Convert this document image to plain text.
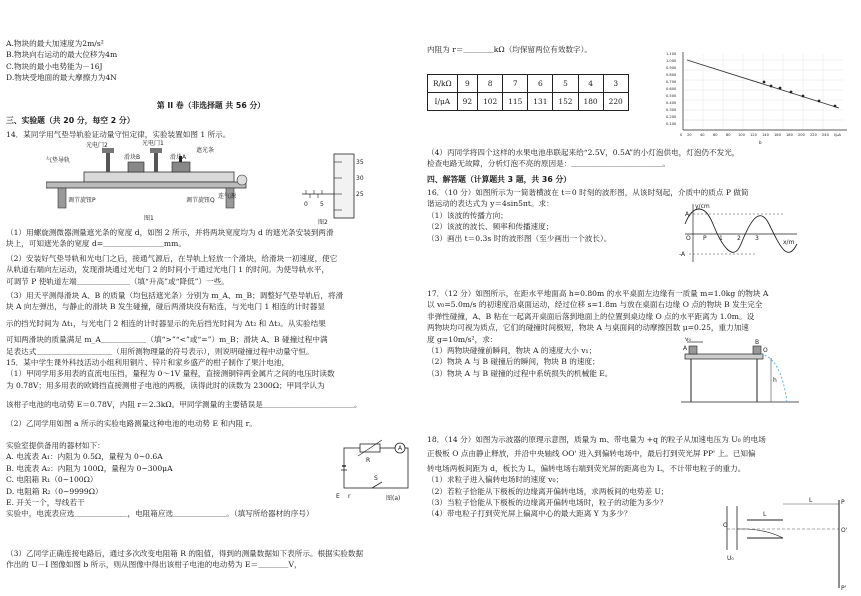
A.物块的最大加速度为2m/s²

B.物块向右运动的最大位移为4m

C.物块的最小电势能为－16J

D.物块受地面的最大摩擦力为4N

第 II 卷（非选择题 共 56 分）

三、实验题（共 20 分，每空 2 分）

14．某同学用气垫导轨验证动量守恒定律，实验装置如图 1 所示。

光电门2	光电门1
滑块B	滑块A
遮光条
气垫导轨
连气源
调节旋钮P	调节旋钮Q
图1
35
30
25
0 5
图2

（1）用螺旋测微器测量遮光条的宽度 d，如图 2 所示，并将两块宽度均为 d 的遮光条安装到两滑

块上，可知遮光条的宽度 d=＿＿＿＿＿＿＿＿mm。

（2）安装好气垫导轨和光电门之后，接通气源后，在导轨上轻放一个滑块，给滑块一初速度，使它

从轨道右端向左运动，发现滑块通过光电门 2 的时间小于通过光电门 1 的时间。为使导轨水平，

可调节 P 使轨道左端＿＿＿＿＿＿＿（填“升高”或“降低”）一些。

（3）用天平测得滑块 A、B 的质量（均包括遮光条）分别为 m_A、m_B；调整好气垫导轨后，将滑

块 A 向左弹出，与静止的滑块 B 发生碰撞，碰后两滑块没有粘连，与光电门 1 相连的计时器显

示的挡光时间为 Δt₁，与光电门 2 相连的计时器显示的先后挡光时间为 Δt₂ 和 Δt₃。从实验结果

可知两滑块的质量满足 m_A＿＿＿＿＿＿（填“>”“<”或“=”）m_B；滑块 A、B 碰撞过程中满

足表达式＿＿＿＿＿＿＿＿＿＿（用所测物理量的符号表示），则说明碰撞过程中动量守恒。

15．某中学生课外科技活动小组利用铜片、锌片和家乡盛产的柑子制作了果汁电池，

（1）甲同学用多用表的直流电压挡，量程为 0～1V 量程，直接测铜锌两金属片之间的电压时读数

为 0.78V；用多用表的欧姆挡直接测柑子电池的两极，读得此时的读数为 2300Ω；甲同学认为

该柑子电池的电动势 E＝0.78V，内阻 r＝2.3kΩ。甲同学测量的主要错误是＿＿＿＿＿＿＿＿＿＿＿＿。

（2）乙同学用如图 a 所示的实验电路测量这种电池的电动势 E 和内阻 r。

实验室提供备用的器材如下：

A. 电流表 A₁：内阻为 0.5Ω，量程为 0~0.6A

B. 电流表 A₂：内阻为 100Ω，量程为 0~300μA

C. 电阻箱 R₁（0~100Ω）

D. 电阻箱 R₂（0~9999Ω）

E. 开关一个，导线若干

实验中，电流表应选＿＿＿＿＿＿＿，电阻箱应选＿＿＿＿＿＿＿。（填写所给器材的序号）

R
A
S
E r	图(a)

（3）乙同学正确连接电路后，通过多次改变电阻箱 R 的阻值，得到的测量数据如下表所示。根据实验数据

作出的 U－I 图像如图 b 所示，则从图像中得出该柑子电池的电动势为 E＝＿＿＿＿V，

内阻为 r＝＿＿＿＿kΩ（均保留两位有效数字）。

R/kΩ	9	8	7	6	5	4	3
I/μA	92	102	115	131	152	180	220
1.100
1.000
0.900
0.800
0.700
0.600
0.500
0.400
0.300
0.200
0.100
0 20 40 60 80 100 120 140 160 180 200 220 240 I/μA
b

（4）丙同学将四个这样的水果电池串联起来给“2.5V，0.5A”的小灯泡供电，灯泡仍不发光，

检查电路无故障，分析灯泡不亮的原因是：＿＿＿＿＿＿＿＿＿＿＿＿。

四、解答题（计算题共 3 题，共 36 分）

16．（10 分）如图所示为一简谐横波在 t＝0 时刻的波形图，从该时刻起，介质中的质点 P 做简

谐运动的表达式为 y＝4sin5πt。求：

（1）该波的传播方向；

（2）该波的波长、频率和传播速度；

（3）画出 t＝0.3s 时的波形图（至少画出一个波长）。

y/cm
A
O P 1 2 3
x/m
-A

17．（12 分）如图所示，在距水平地面高 h=0.80m 的水平桌面左边缘有一质量 m=1.0kg 的物块 A

以 v₀=5.0m/s 的初速度沿桌面运动，经过位移 s=1.8m 与放在桌面右边缘 O 点的物块 B 发生完全

非弹性碰撞，A、B 粘在一起离开桌面后落到地面上的位置到桌边缘 O 点的水平距离为 1.0m。设

两物块均可视为质点，它们的碰撞时间极短，物块 A 与桌面间的动摩擦因数 μ=0.25，重力加速

度 g=10m/s²，求：

（1）两物块碰撞前瞬间，物块 A 的速度大小 v₁；

（2）物块 A 与 B 碰撞后的瞬间，物块 B 的速度；

（3）物块 A 与 B 碰撞的过程中系统损失的机械能 E。

v₀
A
B
O
h

18．（14 分）如图为示波器的原理示意图，质量为 m、带电量为 +q 的粒子从加速电压为 U₀ 的电场

正极板 O 点由静止释放，并沿中央轴线 OO' 进入到偏转电场中，最后打到荧光屏 PP' 上。已知偏

转电场两板间距为 d，板长为 L，偏转电场右端到荧光屏的距离也为 L，不计带电粒子的重力。

（1）求粒子进入偏转电场时的速度 v₀；

（2）若粒子恰能从下极板的边缘离开偏转电场，求两板间的电势差 U；

（3）当粒子恰能从下极板的边缘离开偏转电场时，粒子的动能为多少？

（4）带电粒子打到荧光屏上偏离中心的最大距离 Y 为多少？

P
L
L
O
O'
U₀
P'
